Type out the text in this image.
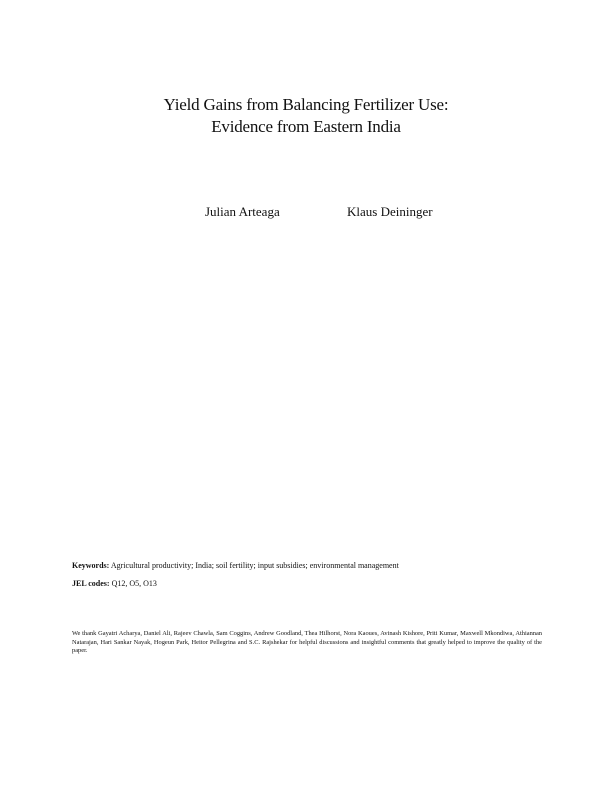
Yield Gains from Balancing Fertilizer Use:
Evidence from Eastern India
Julian Arteaga	Klaus Deininger
Keywords: Agricultural productivity; India; soil fertility; input subsidies; environmental management
JEL codes: Q12, O5, O13
We thank Gayatri Acharya, Daniel Ali, Rajeev Chawla, Sam Coggins, Andrew Goodland, Thea Hilhorst, Nora Kaoues, Avinash Kishore, Priti Kumar, Maxwell Mkondiwa, Athiannan Natarajan, Hari Sankar Nayak, Hogeun Park, Heitor Pellegrina and S.C. Rajshekar for helpful discussions and insightful comments that greatly helped to improve the quality of the paper.
